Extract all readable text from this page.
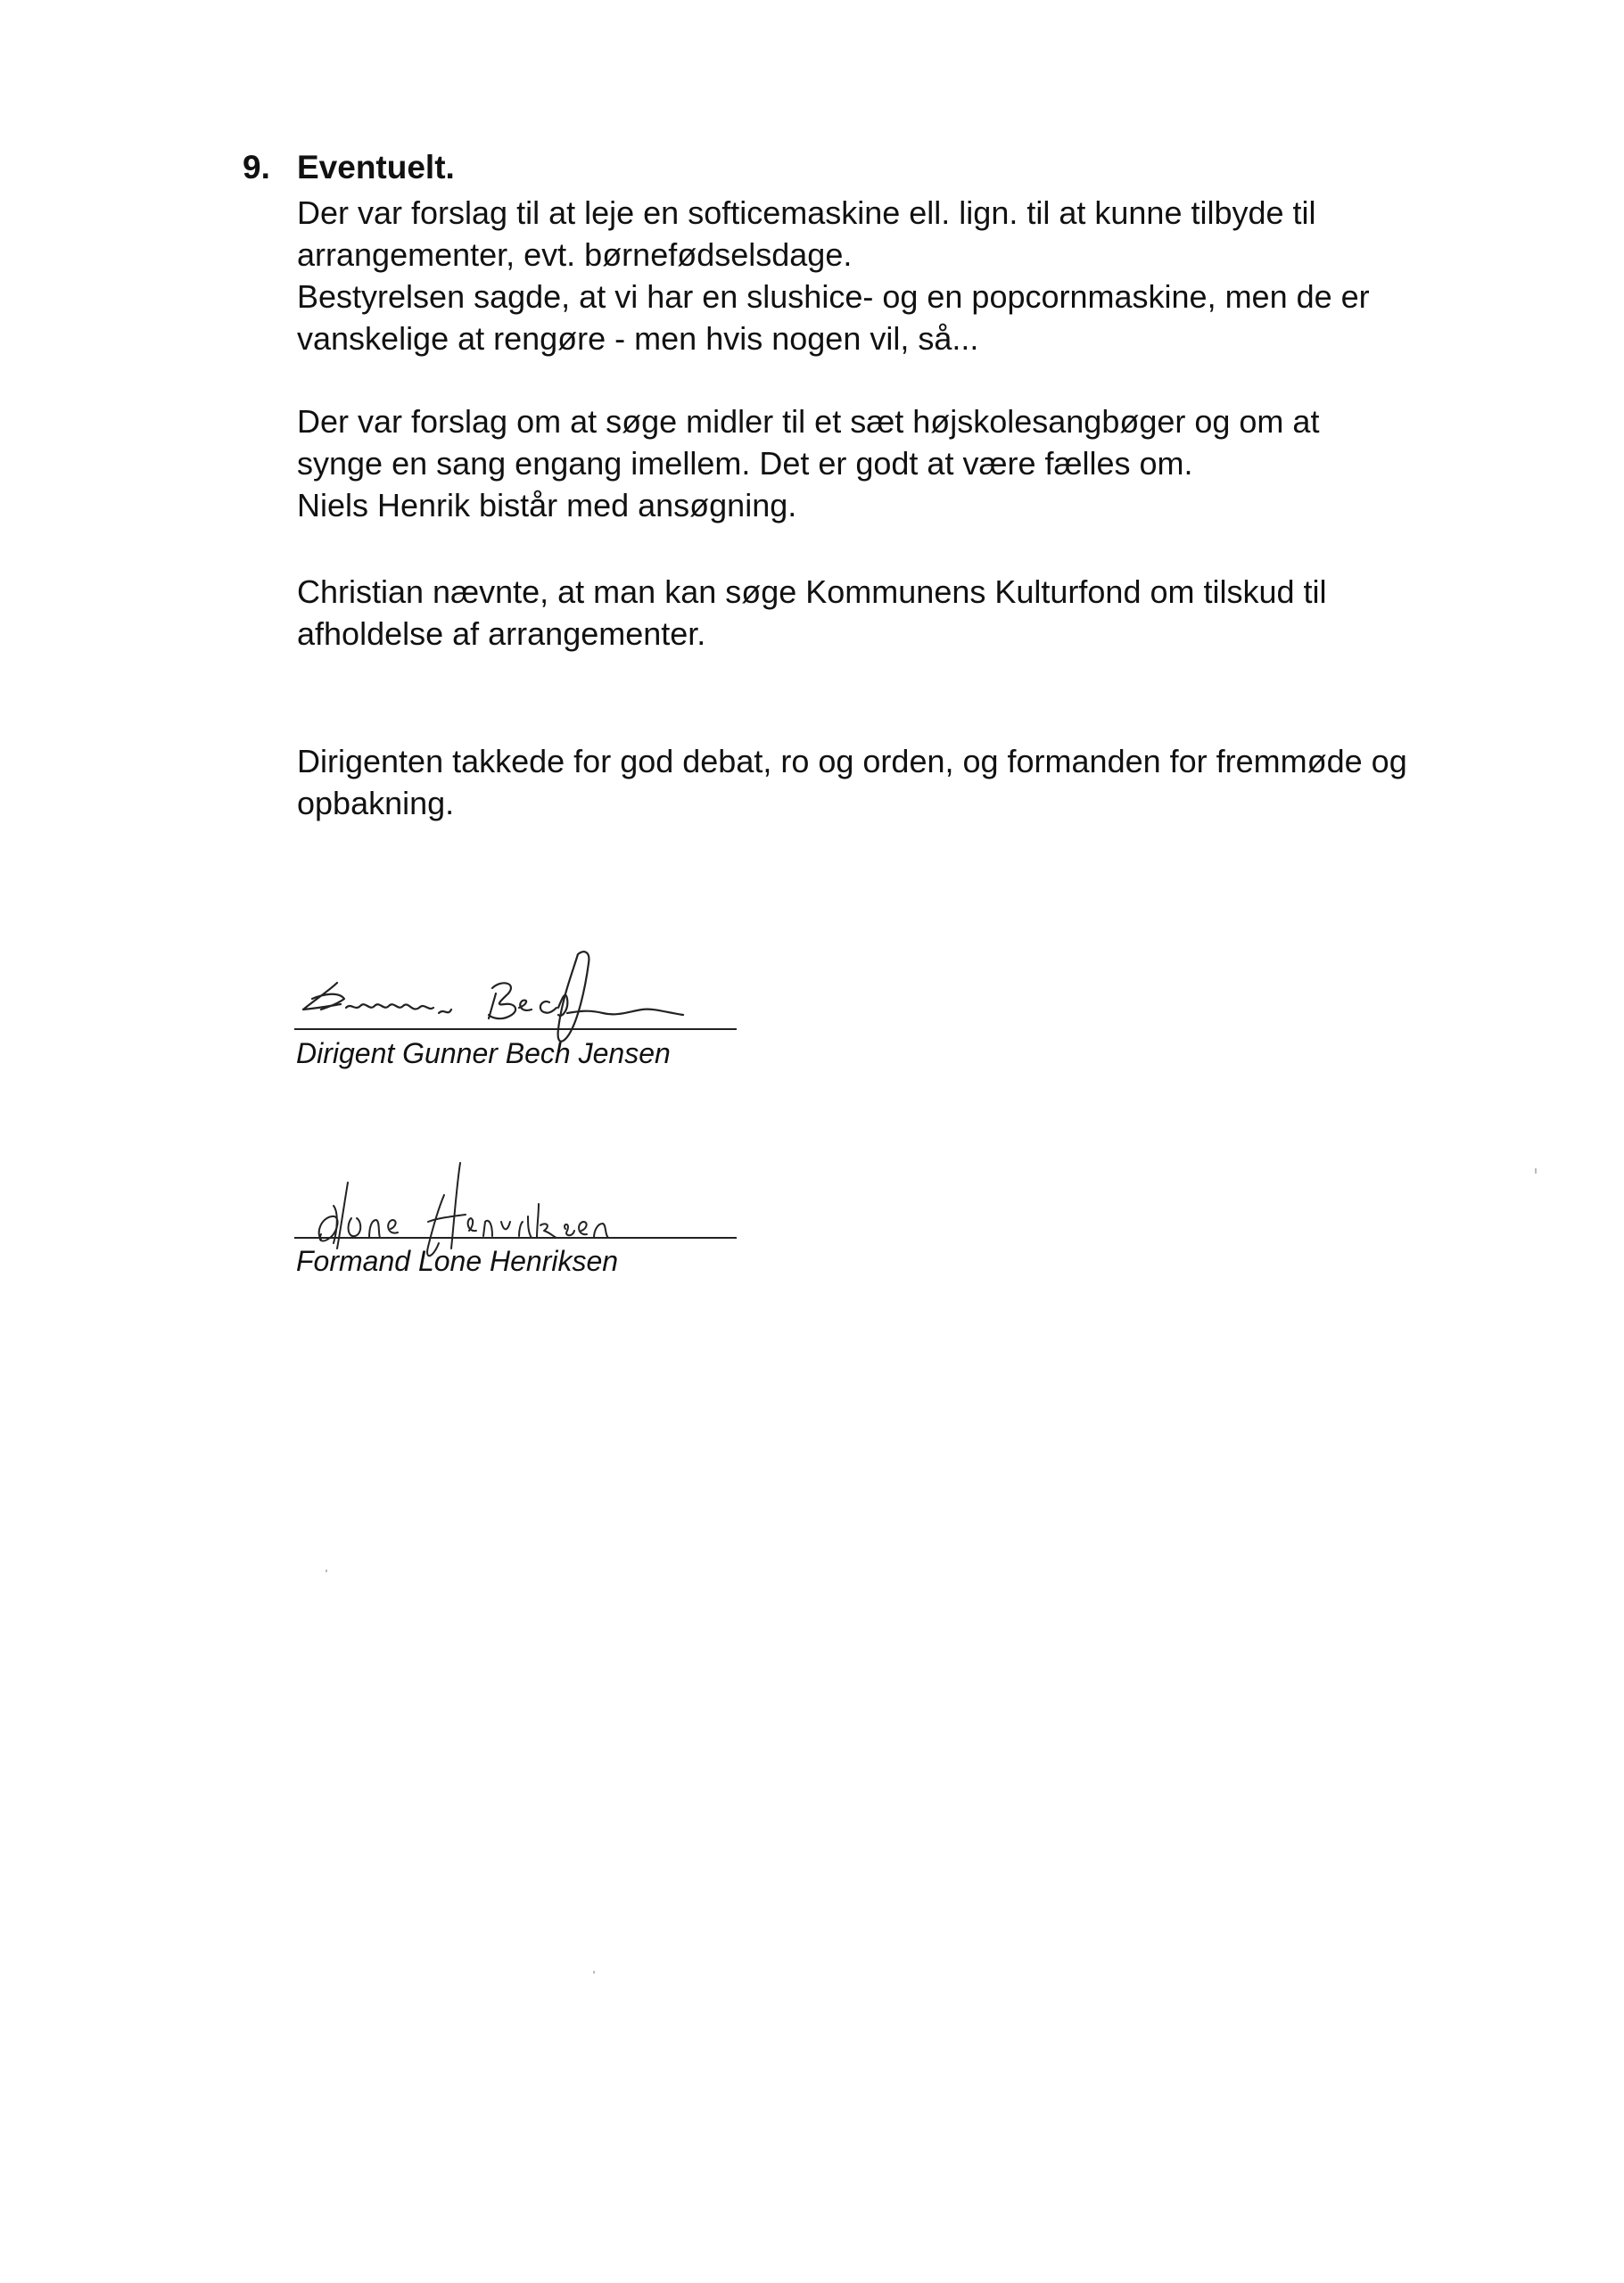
9. Eventuelt.
Der var forslag til at leje en softicemaskine ell. lign. til at kunne tilbyde til
arrangementer, evt. børnefødselsdage.
Bestyrelsen sagde, at vi har en slushice- og en popcornmaskine, men de er
vanskelige at rengøre - men hvis nogen vil, så...
Der var forslag om at søge midler til et sæt højskolesangbøger og om at
synge en sang engang imellem. Det er godt at være fælles om.
Niels Henrik bistår med ansøgning.
Christian nævnte, at man kan søge Kommunens Kulturfond om tilskud til
afholdelse af arrangementer.
Dirigenten takkede for god debat, ro og orden, og formanden for fremmøde og
opbakning.
Dirigent Gunner Bech Jensen
Formand Lone Henriksen
